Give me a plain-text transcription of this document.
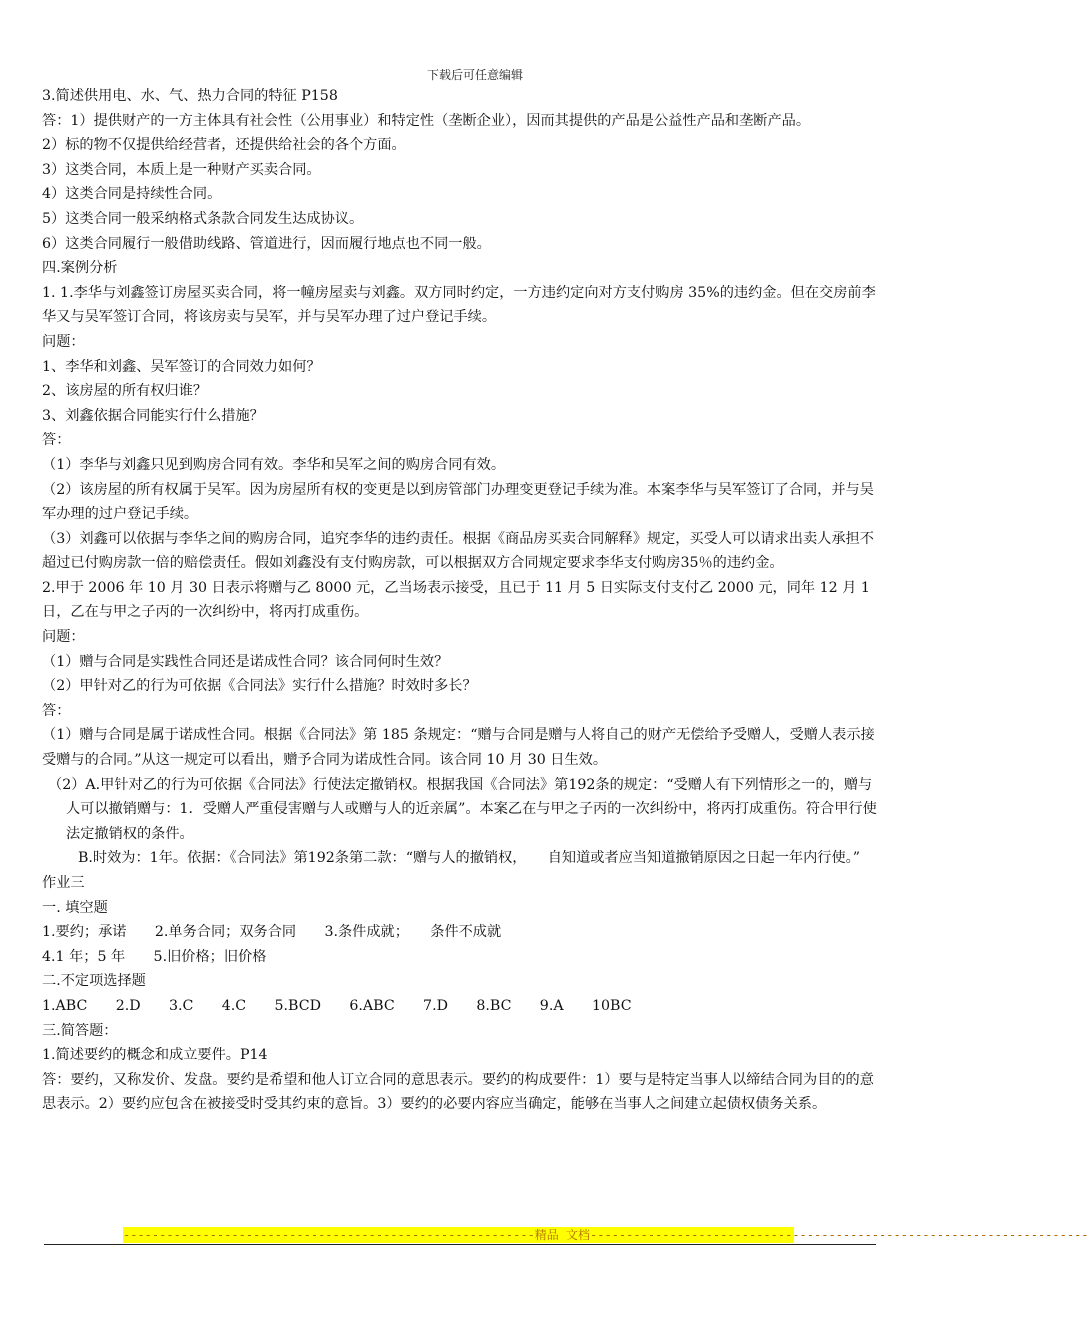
下载后可任意编辑

3.简述供用电、水、气、热力合同的特征 P158

答：1）提供财产的一方主体具有社会性（公用事业）和特定性（垄断企业），因而其提供的产品是公益性产品和垄断产品。

2）标的物不仅提供给经营者，还提供给社会的各个方面。

3）这类合同，本质上是一种财产买卖合同。

4）这类合同是持续性合同。

5）这类合同一般采纳格式条款合同发生达成协议。

6）这类合同履行一般借助线路、管道进行，因而履行地点也不同一般。

四.案例分析

1. 1.李华与刘鑫签订房屋买卖合同，将一幢房屋卖与刘鑫。双方同时约定，一方违约定向对方支付购房 35%的违约金。但在交房前李华又与吴军签订合同，将该房卖与吴军，并与吴军办理了过户登记手续。

问题：

1、李华和刘鑫、吴军签订的合同效力如何？

2、该房屋的所有权归谁？

3、刘鑫依据合同能实行什么措施？

答：

（1）李华与刘鑫只见到购房合同有效。李华和吴军之间的购房合同有效。

（2）该房屋的所有权属于吴军。因为房屋所有权的变更是以到房管部门办理变更登记手续为准。本案李华与吴军签订了合同，并与吴军办理的过户登记手续。

（3）刘鑫可以依据与李华之间的购房合同，追究李华的违约责任。根据《商品房买卖合同解释》规定，买受人可以请求出卖人承担不超过已付购房款一倍的赔偿责任。假如刘鑫没有支付购房款，可以根据双方合同规定要求李华支付购房35％的违约金。

2.甲于 2006 年 10 月 30 日表示将赠与乙 8000 元，乙当场表示接受，且已于 11 月 5 日实际支付支付乙 2000 元，同年 12 月 1 日，乙在与甲之子丙的一次纠纷中，将丙打成重伤。

问题：

（1）赠与合同是实践性合同还是诺成性合同？该合同何时生效？

（2）甲针对乙的行为可依据《合同法》实行什么措施？时效时多长？

答：

（1）赠与合同是属于诺成性合同。根据《合同法》第 185 条规定：“赠与合同是赠与人将自己的财产无偿给予受赠人，受赠人表示接受赠与的合同。”从这一规定可以看出，赠予合同为诺成性合同。该合同 10 月 30 日生效。

（2）A.甲针对乙的行为可依据《合同法》行使法定撤销权。根据我国《合同法》第192条的规定：“受赠人有下列情形之一的，赠与人可以撤销赠与：1．受赠人严重侵害赠与人或赠与人的近亲属”。本案乙在与甲之子丙的一次纠纷中，将丙打成重伤。符合甲行使法定撤销权的条件。

B.时效为：1年。依据：《合同法》第192条第二款：“赠与人的撤销权，　　自知道或者应当知道撤销原因之日起一年内行使。”

作业三

一. 填空题

1.要约；承诺　　2.单务合同；双务合同　　3.条件成就；　　条件不成就

4.1 年；5 年　　5.旧价格；旧价格

二.不定项选择题

1.ABC　　2.D　　3.C　　4.C　　5.BCD　　6.ABC　　7.D　　8.BC　　9.A　　10BC

三.简答题：

1.简述要约的概念和成立要件。P14

答：要约，又称发价、发盘。要约是希望和他人订立合同的意思表示。要约的构成要件：1）要与是特定当事人以缔结合同为目的的意思表示。2）要约应包含在被接受时受其约束的意旨。3）要约的必要内容应当确定，能够在当事人之间建立起债权债务关系。

---------------------------------------------------------精品 文档---------------------------------------------------------------------
